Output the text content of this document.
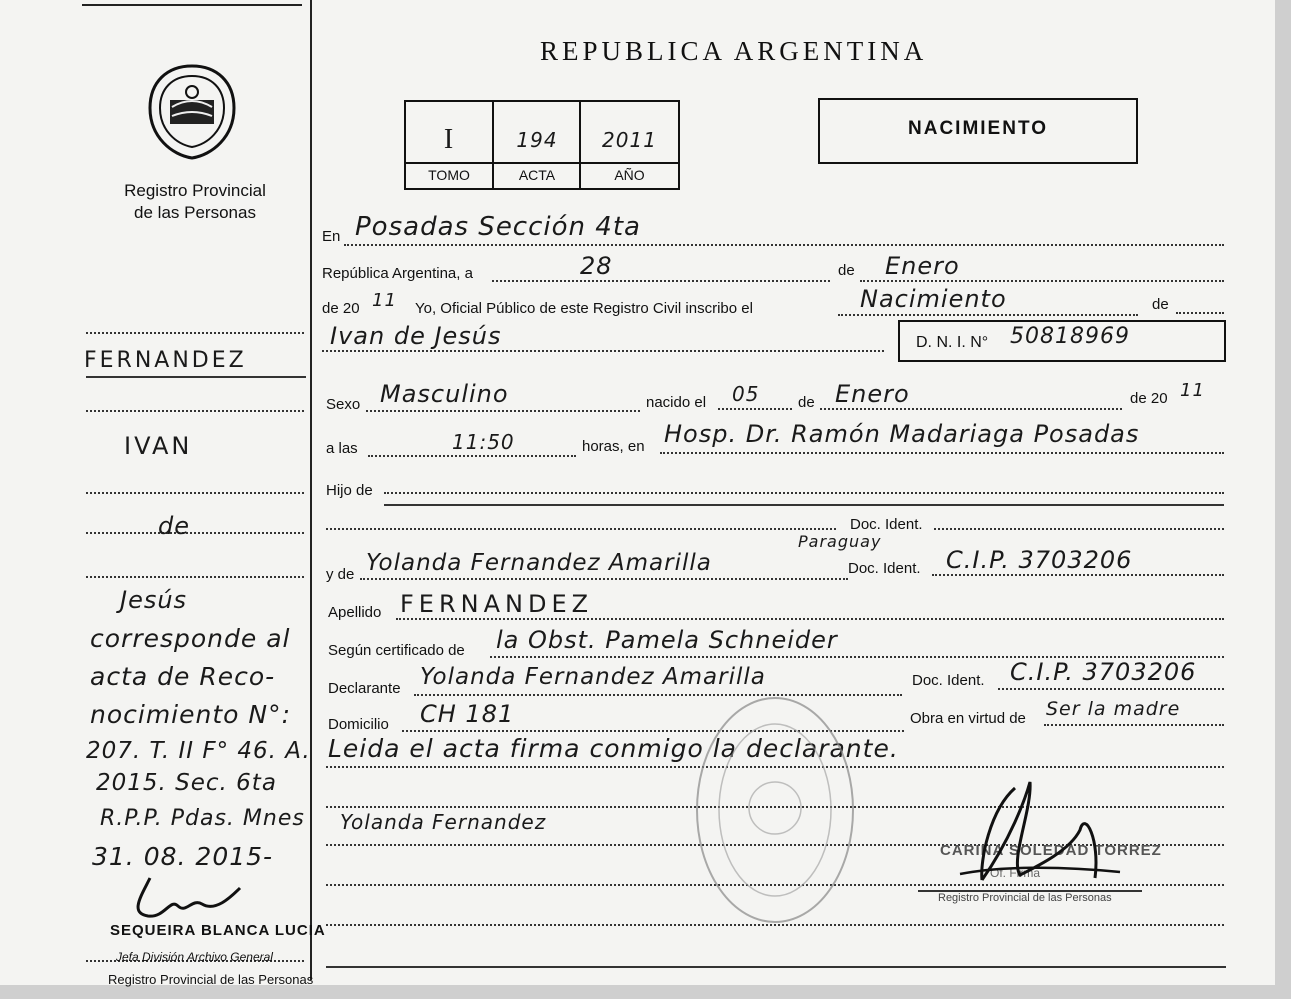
Registro Provincial
de las Personas
REPUBLICA ARGENTINA
I	194	2011
TOMO	ACTA	AÑO
NACIMIENTO
En Posadas Sección 4ta
República Argentina, a	28	de Enero
de 20 11 Yo, Oficial Público de este Registro Civil inscribo el	Nacimiento	de
Ivan de Jesús	D. N. I. N° 50818969
Sexo Masculino	nacido el 05	de Enero	de 20 11
a las	11:50	horas, en Hosp. Dr. Ramón Madariaga Posadas
Hijo de
Doc. Ident.
y de Yolanda Fernandez Amarilla
Paraguay
Doc. Ident. C.I.P. 3703206
Apellido FERNANDEZ
Según certificado de la Obst. Pamela Schneider
Declarante Yolanda Fernandez Amarilla	Doc. Ident. C.I.P. 3703206
Domicilio CH 181	Obra en virtud de Ser la madre
Leida el acta firma conmigo la declarante.
Yolanda Fernandez
CARINA SOLEDAD TORREZ
Of. Firma
Registro Provincial de las Personas
FERNANDEZ
IVAN
de
Jesús
corresponde al
acta de Reco-
nocimiento N°:
207. T. II F° 46. A.
2015. Sec. 6ta
R.P.P. Pdas. Mnes
31. 08. 2015-
SEQUEIRA BLANCA LUCIA
Jefa División Archivo General
Registro Provincial de las Personas
